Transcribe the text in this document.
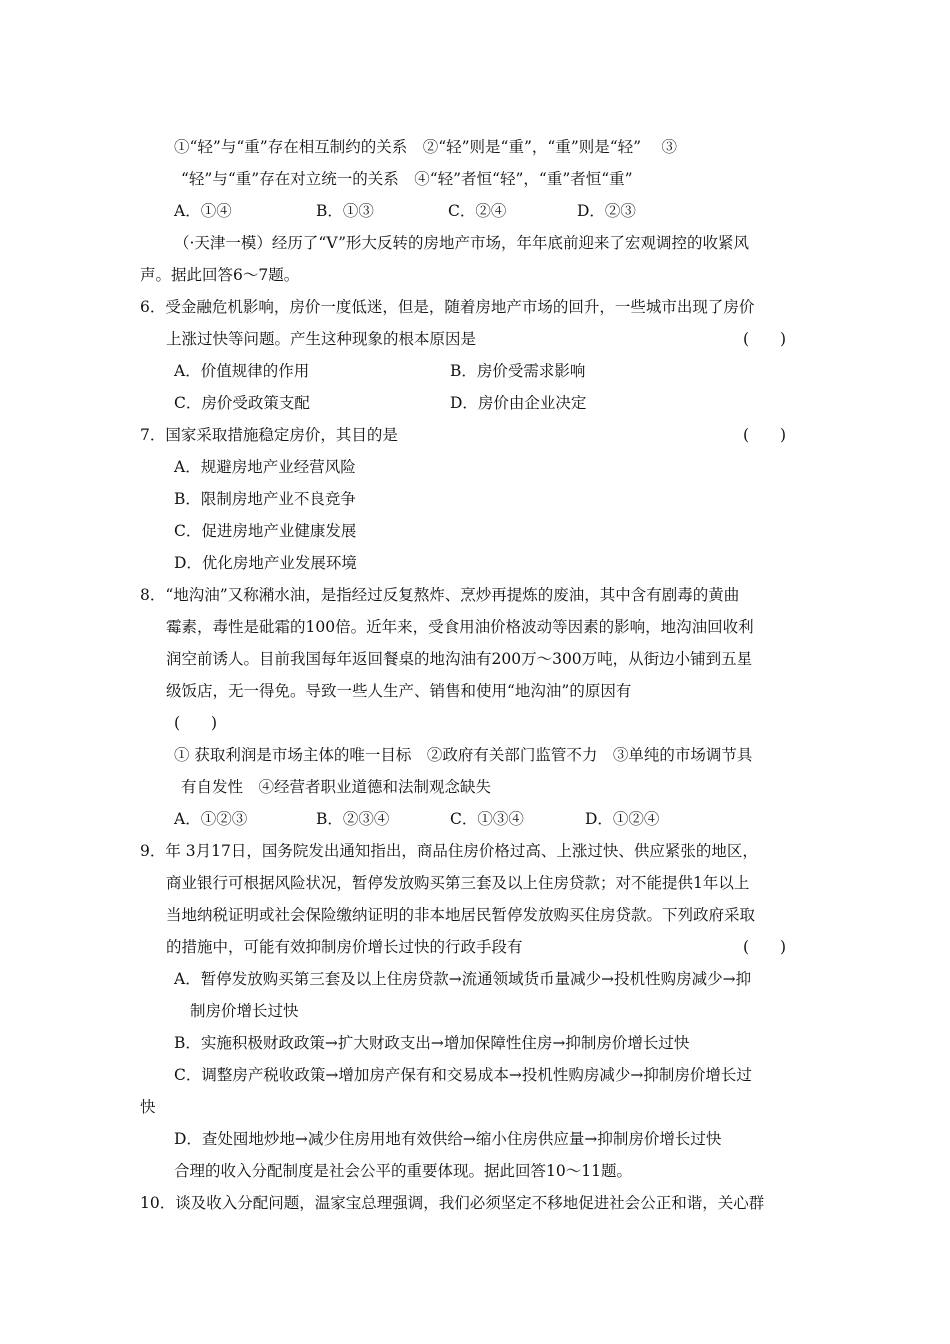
①“轻”与“重”存在相互制约的关系　②“轻”则是“重”，“重”则是“轻”　 ③
“轻”与“重”存在对立统一的关系　④“轻”者恒“轻”，“重”者恒“重”
A．①④	B．①③	C．②④	D．②③
（·天津一模）经历了“V”形大反转的房地产市场，年年底前迎来了宏观调控的收紧风
声。据此回答6～7题。
6．受金融危机影响，房价一度低迷，但是，随着房地产市场的回升，一些城市出现了房价
上涨过快等问题。产生这种现象的根本原因是	(　　)
A．价值规律的作用	B．房价受需求影响
C．房价受政策支配	D．房价由企业决定
7．国家采取措施稳定房价，其目的是	(　　)
A．规避房地产业经营风险
B．限制房地产业不良竞争
C．促进房地产业健康发展
D．优化房地产业发展环境
8．“地沟油”又称潲水油，是指经过反复熬炸、烹炒再提炼的废油，其中含有剧毒的黄曲
霉素，毒性是砒霜的100倍。近年来，受食用油价格波动等因素的影响，地沟油回收利
润空前诱人。目前我国每年返回餐桌的地沟油有200万～300万吨，从街边小铺到五星
级饭店，无一得免。导致一些人生产、销售和使用“地沟油”的原因有
(　　)
① 获取利润是市场主体的唯一目标　②政府有关部门监管不力　③单纯的市场调节具
有自发性　④经营者职业道德和法制观念缺失
A．①②③	B．②③④	C．①③④	D．①②④
9．年 3月17日，国务院发出通知指出，商品住房价格过高、上涨过快、供应紧张的地区，
商业银行可根据风险状况，暂停发放购买第三套及以上住房贷款；对不能提供1年以上
当地纳税证明或社会保险缴纳证明的非本地居民暂停发放购买住房贷款。下列政府采取
的措施中，可能有效抑制房价增长过快的行政手段有	(　　)
A．暂停发放购买第三套及以上住房贷款→流通领域货币量减少→投机性购房减少→抑
制房价增长过快
B．实施积极财政政策→扩大财政支出→增加保障性住房→抑制房价增长过快
C．调整房产税收政策→增加房产保有和交易成本→投机性购房减少→抑制房价增长过
快
D．查处囤地炒地→减少住房用地有效供给→缩小住房供应量→抑制房价增长过快
合理的收入分配制度是社会公平的重要体现。据此回答10～11题。
10．谈及收入分配问题，温家宝总理强调，我们必须坚定不移地促进社会公正和谐，关心群
